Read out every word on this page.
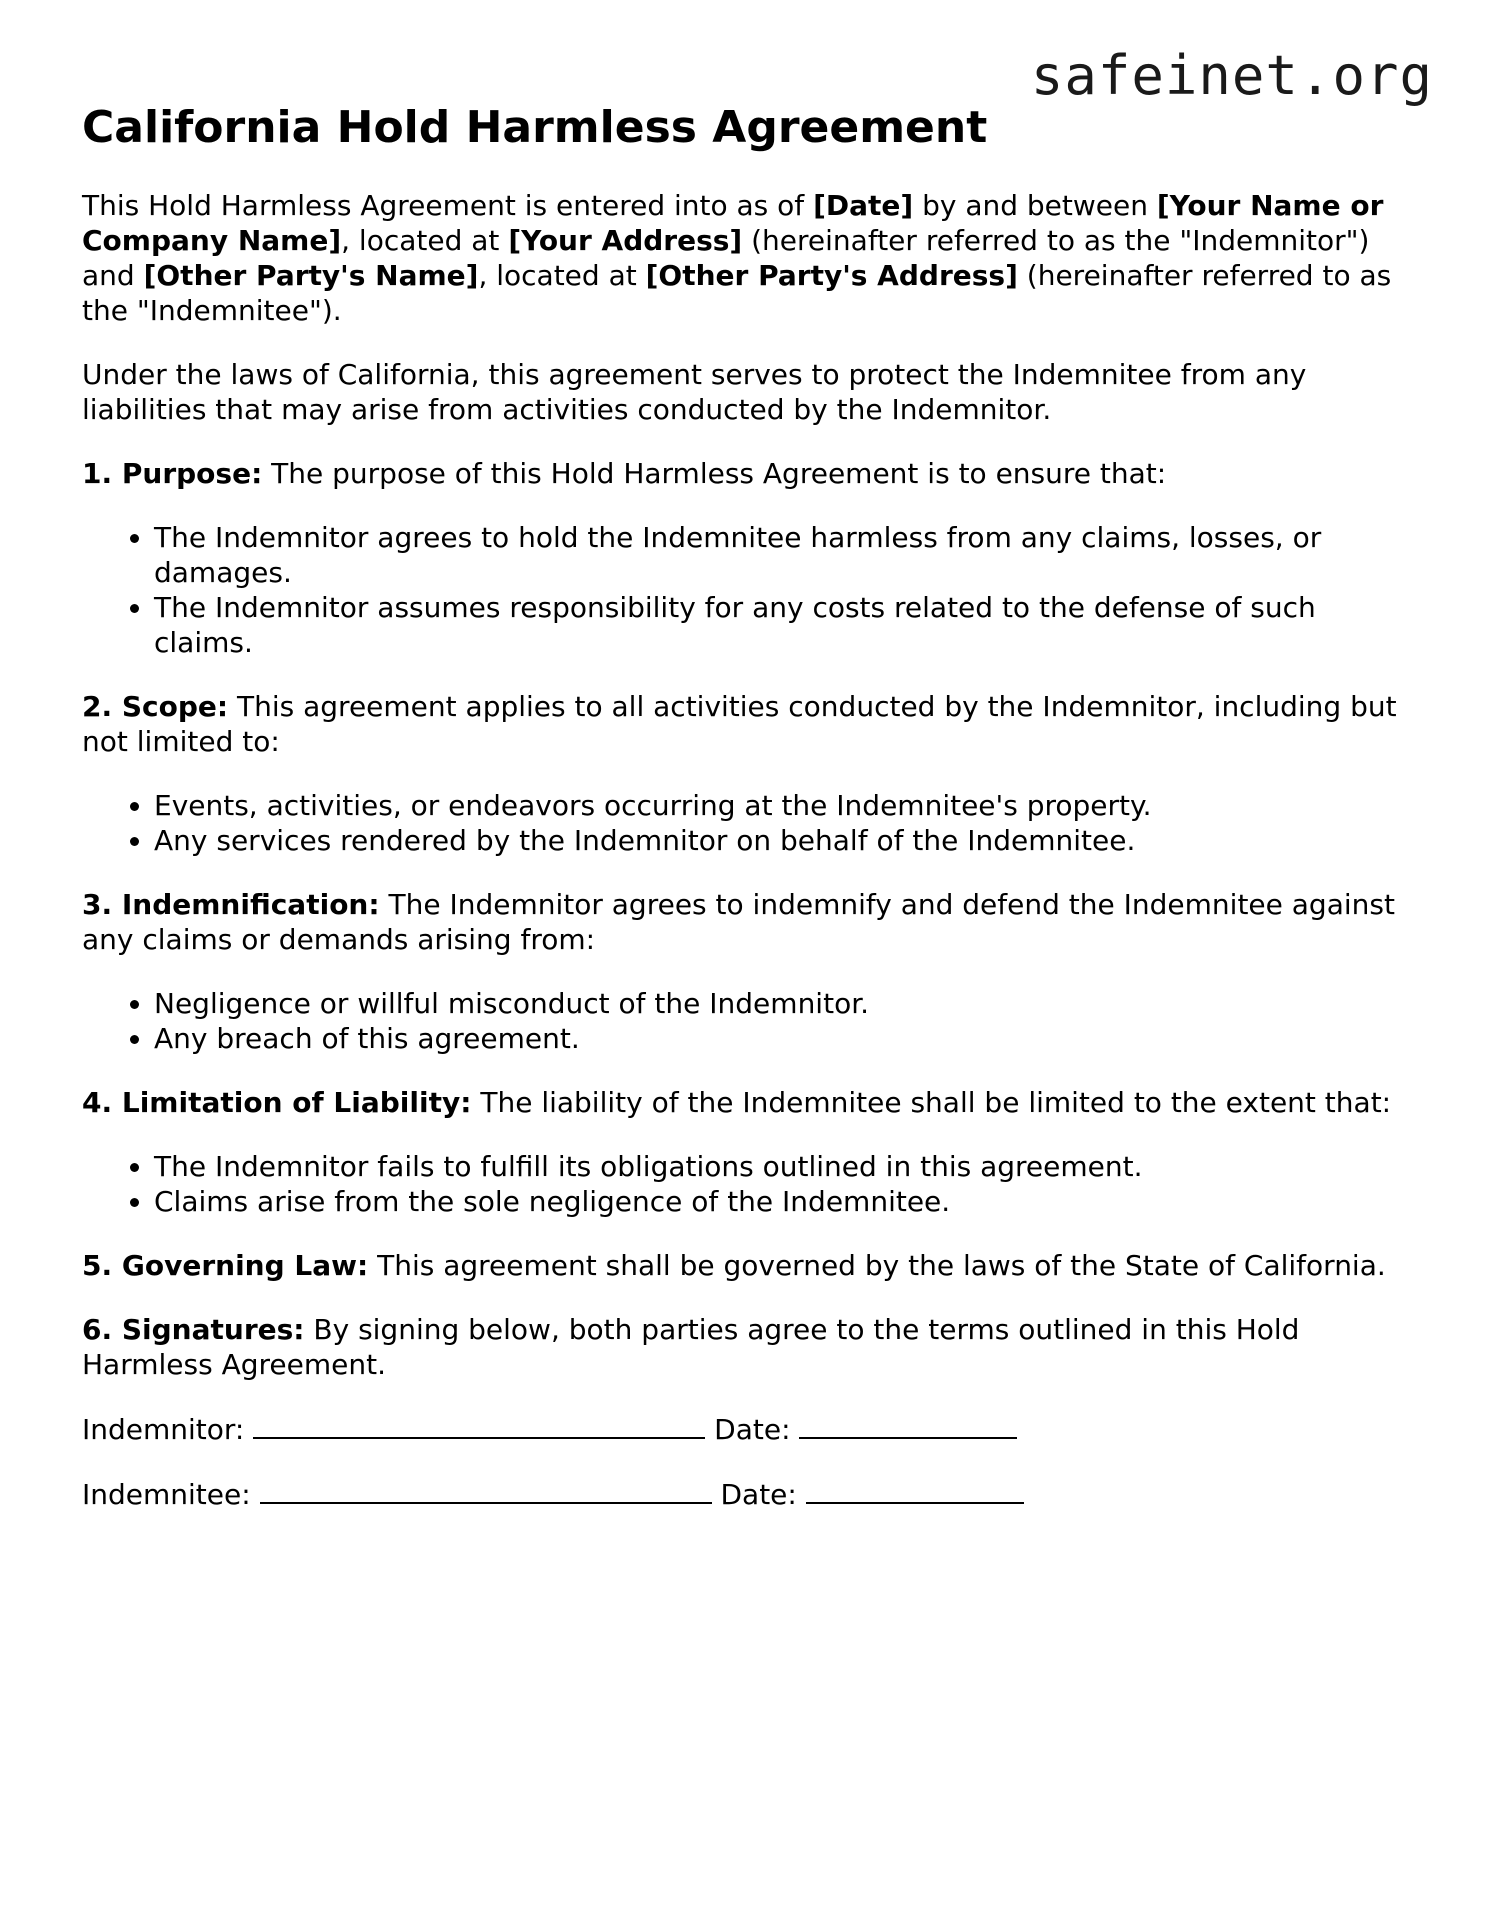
safeinet.org
California Hold Harmless Agreement

This Hold Harmless Agreement is entered into as of [Date] by and between [Your Name or Company Name], located at [Your Address] (hereinafter referred to as the "Indemnitor") and [Other Party's Name], located at [Other Party's Address] (hereinafter referred to as the "Indemnitee").

Under the laws of California, this agreement serves to protect the Indemnitee from any liabilities that may arise from activities conducted by the Indemnitor.

1. Purpose: The purpose of this Hold Harmless Agreement is to ensure that:

• The Indemnitor agrees to hold the Indemnitee harmless from any claims, losses, or damages.
• The Indemnitor assumes responsibility for any costs related to the defense of such claims.

2. Scope: This agreement applies to all activities conducted by the Indemnitor, including but not limited to:

• Events, activities, or endeavors occurring at the Indemnitee's property.
• Any services rendered by the Indemnitor on behalf of the Indemnitee.

3. Indemnification: The Indemnitor agrees to indemnify and defend the Indemnitee against any claims or demands arising from:

• Negligence or willful misconduct of the Indemnitor.
• Any breach of this agreement.

4. Limitation of Liability: The liability of the Indemnitee shall be limited to the extent that:

• The Indemnitor fails to fulfill its obligations outlined in this agreement.
• Claims arise from the sole negligence of the Indemnitee.

5. Governing Law: This agreement shall be governed by the laws of the State of California.

6. Signatures: By signing below, both parties agree to the terms outlined in this Hold Harmless Agreement.

Indemnitor:	Date:
Indemnitee:	Date:
